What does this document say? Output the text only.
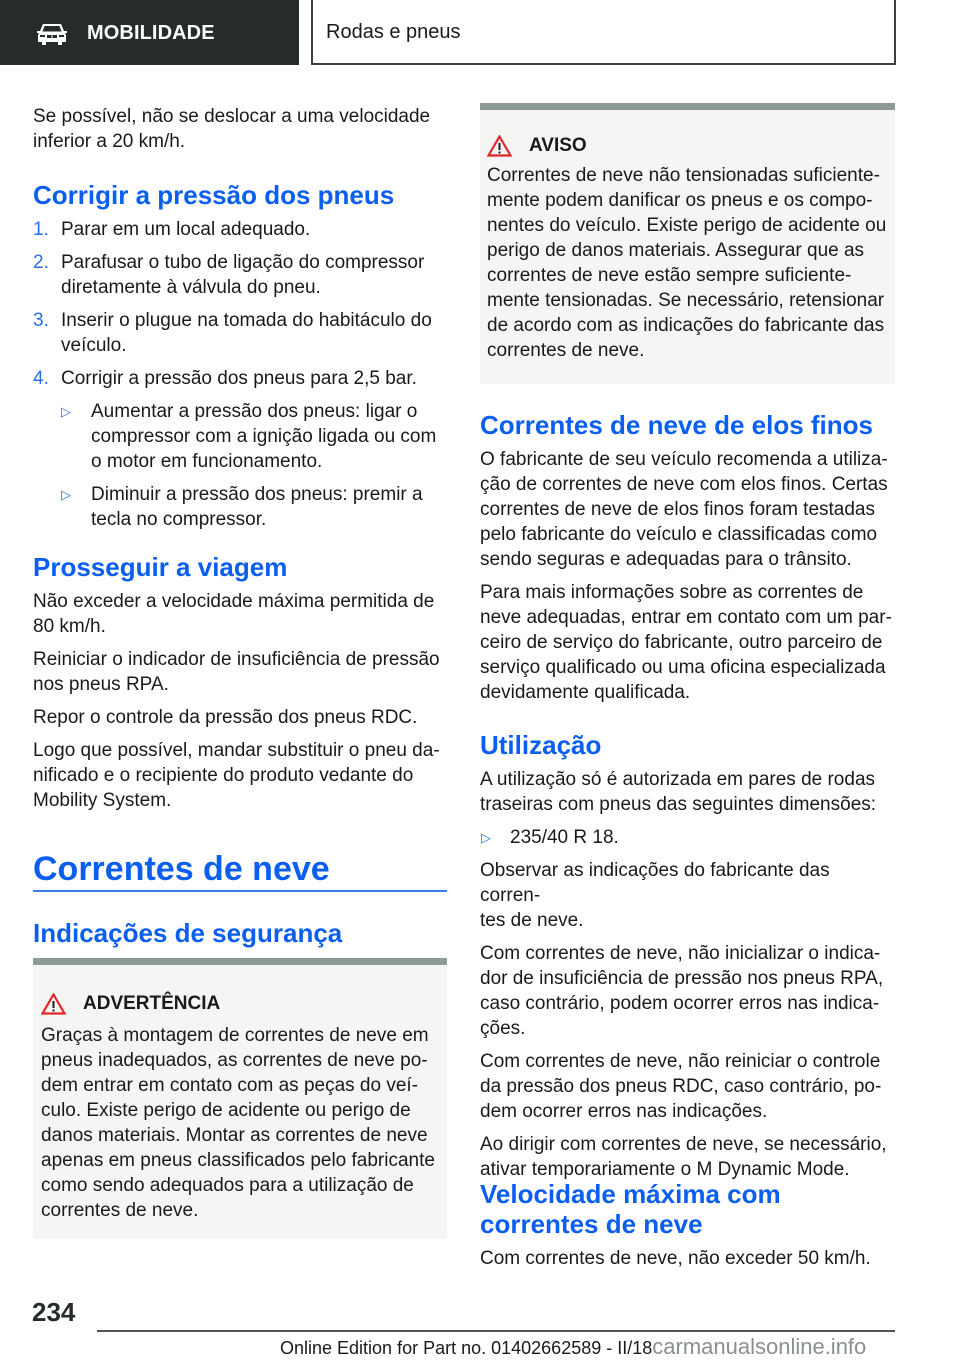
MOBILIDADE	Rodas e pneus
Se possível, não se deslocar a uma velocidade
inferior a 20 km/h.
Corrigir a pressão dos pneus
1. Parar em um local adequado.
2. Parafusar o tubo de ligação do compressor
diretamente à válvula do pneu.
3. Inserir o plugue na tomada do habitáculo do
veículo.
4. Corrigir a pressão dos pneus para 2,5 bar.
▷	Aumentar a pressão dos pneus: ligar o
compressor com a ignição ligada ou com
o motor em funcionamento.
▷	Diminuir a pressão dos pneus: premir a
tecla no compressor.
Prosseguir a viagem
Não exceder a velocidade máxima permitida de
80 km/h.
Reiniciar o indicador de insuficiência de pressão
nos pneus RPA.
Repor o controle da pressão dos pneus RDC.
Logo que possível, mandar substituir o pneu da-
nificado e o recipiente do produto vedante do
Mobility System.
Correntes de neve
Indicações de segurança
ADVERTÊNCIA
Graças à montagem de correntes de neve em
pneus inadequados, as correntes de neve po-
dem entrar em contato com as peças do veí-
culo. Existe perigo de acidente ou perigo de
danos materiais. Montar as correntes de neve
apenas em pneus classificados pelo fabricante
como sendo adequados para a utilização de
correntes de neve.
AVISO
Correntes de neve não tensionadas suficiente-
mente podem danificar os pneus e os compo-
nentes do veículo. Existe perigo de acidente ou
perigo de danos materiais. Assegurar que as
correntes de neve estão sempre suficiente-
mente tensionadas. Se necessário, retensionar
de acordo com as indicações do fabricante das
correntes de neve.
Correntes de neve de elos finos
O fabricante de seu veículo recomenda a utiliza-
ção de correntes de neve com elos finos. Certas
correntes de neve de elos finos foram testadas
pelo fabricante do veículo e classificadas como
sendo seguras e adequadas para o trânsito.
Para mais informações sobre as correntes de
neve adequadas, entrar em contato com um par-
ceiro de serviço do fabricante, outro parceiro de
serviço qualificado ou uma oficina especializada
devidamente qualificada.
Utilização
A utilização só é autorizada em pares de rodas
traseiras com pneus das seguintes dimensões:
▷	235/40 R 18.
Observar as indicações do fabricante das corren-
tes de neve.
Com correntes de neve, não inicializar o indica-
dor de insuficiência de pressão nos pneus RPA,
caso contrário, podem ocorrer erros nas indica-
ções.
Com correntes de neve, não reiniciar o controle
da pressão dos pneus RDC, caso contrário, po-
dem ocorrer erros nas indicações.
Ao dirigir com correntes de neve, se necessário,
ativar temporariamente o M Dynamic Mode.
Velocidade máxima com
correntes de neve
Com correntes de neve, não exceder 50 km/h.
234
Online Edition for Part no. 01402662589 - II/18carmanualsonline.info
